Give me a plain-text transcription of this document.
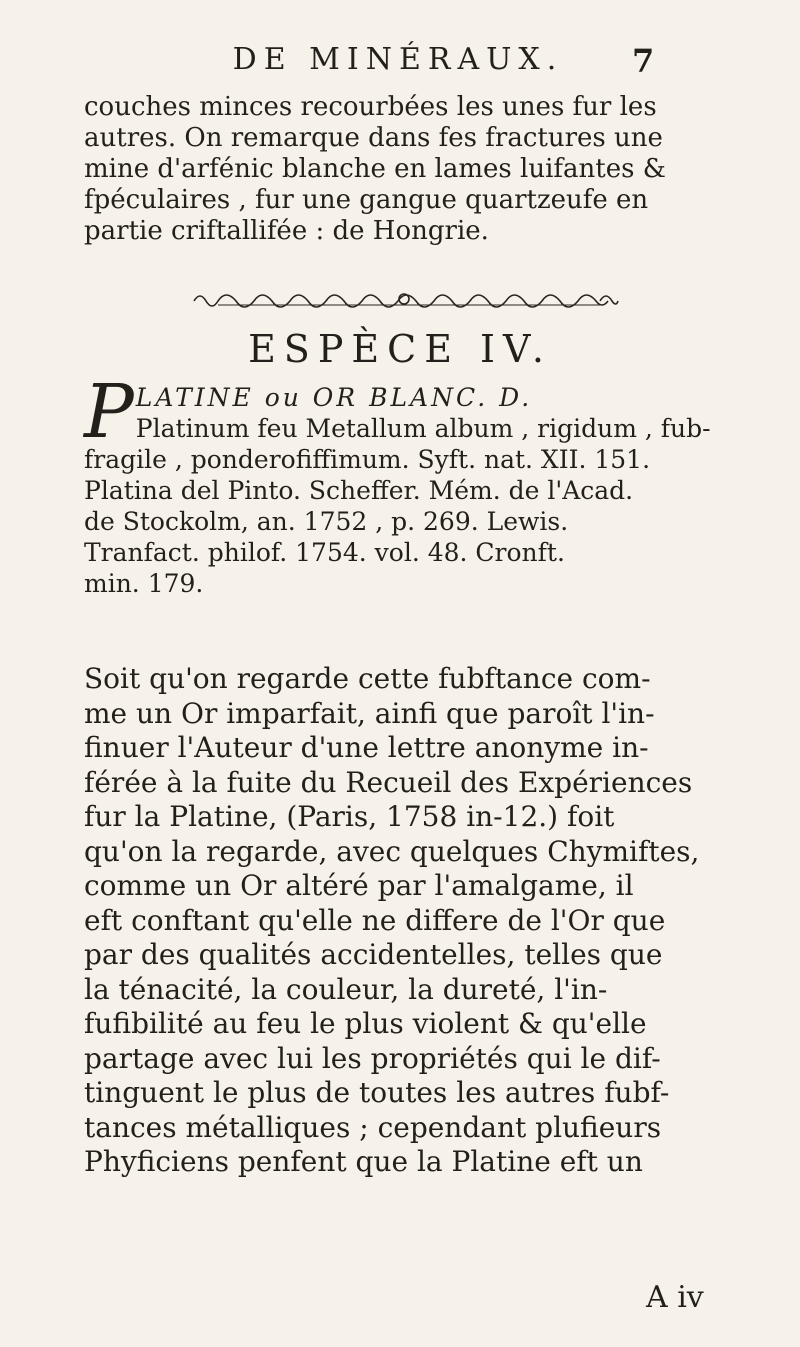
DE MINÉRAUX.	7
couches minces recourbées les unes fur les
autres. On remarque dans fes fractures une
mine d'arfénic blanche en lames luifantes &
fpéculaires , fur une gangue quartzeufe en
partie criftallifée : de Hongrie.
ESPÈCE IV.
P LATINE ou OR BLANC. D.
Platinum feu Metallum album , rigidum , fub-
fragile , ponderofiffimum. Syft. nat. XII. 151.
Platina del Pinto. Scheffer. Mém. de l'Acad.
de Stockolm, an. 1752 , p. 269. Lewis.
Tranfact. philof. 1754. vol. 48. Cronft.
min. 179.
Soit qu'on regarde cette fubftance com-
me un Or imparfait, ainfi que paroît l'in-
finuer l'Auteur d'une lettre anonyme in-
férée à la fuite du Recueil des Expériences
fur la Platine, (Paris, 1758 in-12.) foit
qu'on la regarde, avec quelques Chymiftes,
comme un Or altéré par l'amalgame, il
eft conftant qu'elle ne differe de l'Or que
par des qualités accidentelles, telles que
la ténacité, la couleur, la dureté, l'in-
fufibilité au feu le plus violent & qu'elle
partage avec lui les propriétés qui le dif-
tinguent le plus de toutes les autres fubf-
tances métalliques ; cependant plufieurs
Phyficiens penfent que la Platine eft un
A iv
